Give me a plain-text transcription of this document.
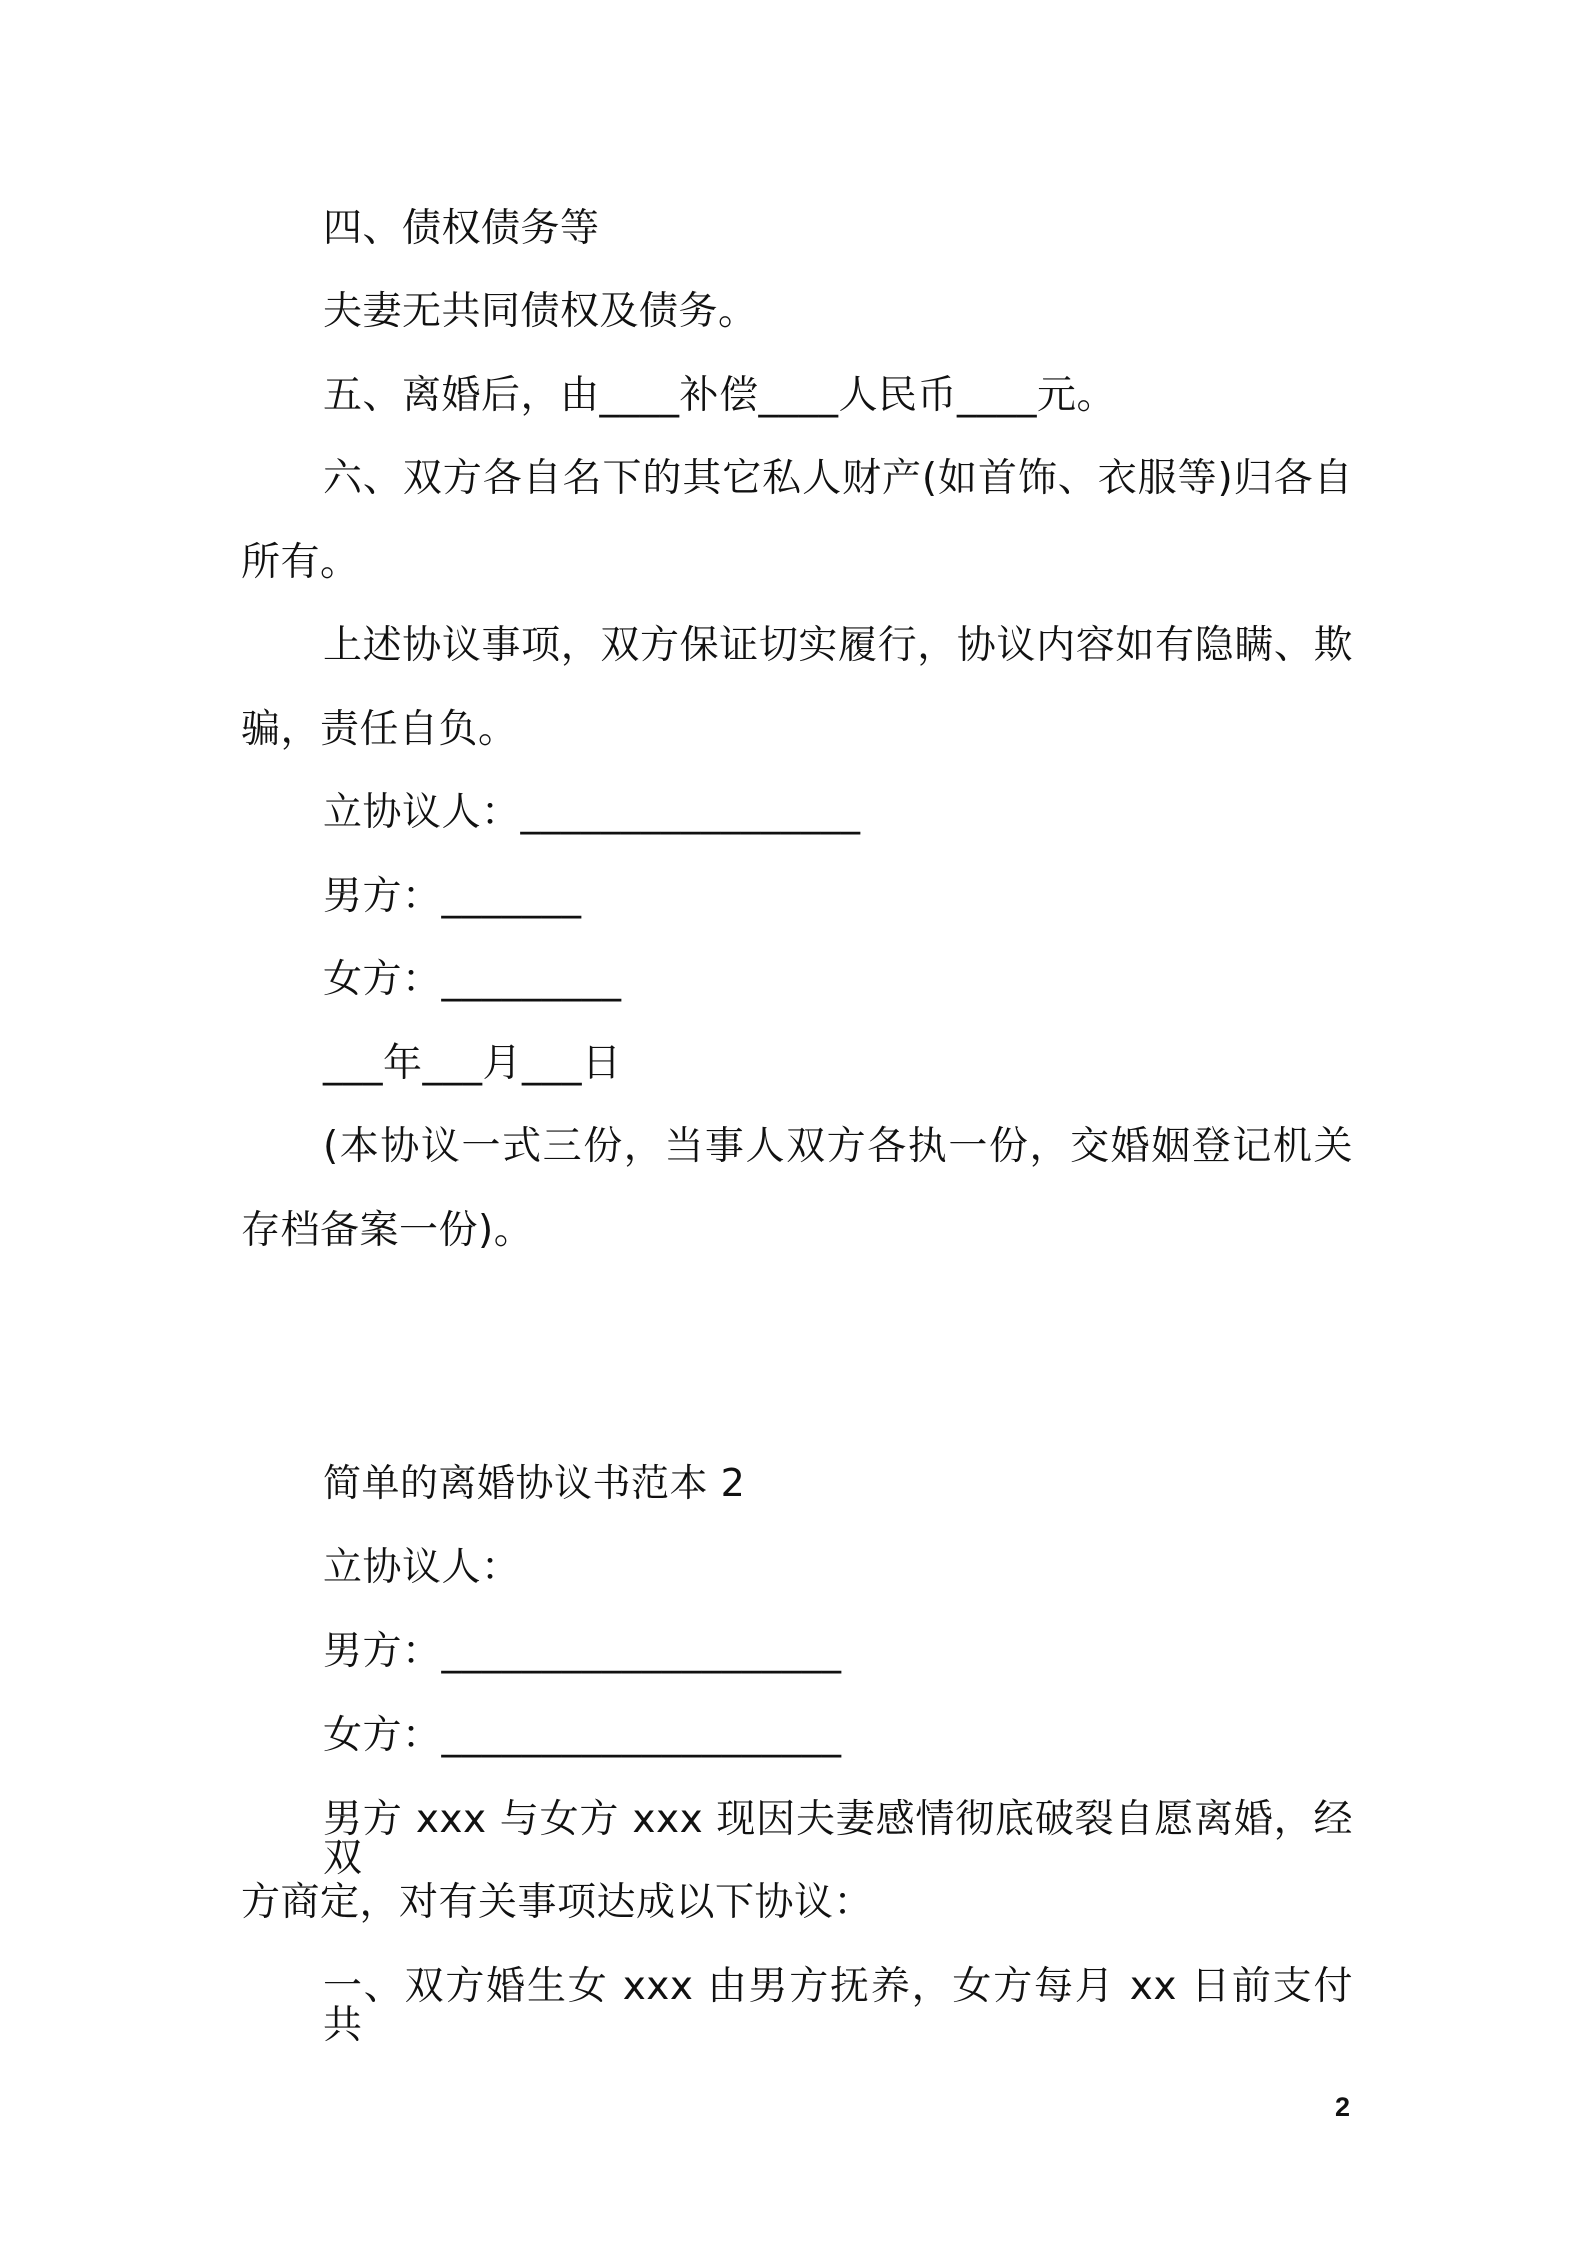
四、债权债务等
夫妻无共同债权及债务。
五、离婚后，由____补偿____人民币____元。
六、双方各自名下的其它私人财产(如首饰、衣服等)归各自
所有。
上述协议事项，双方保证切实履行，协议内容如有隐瞒、欺
骗，责任自负。
立协议人：_________________
男方：_______
女方：_________
___年___月___日
(本协议一式三份，当事人双方各执一份，交婚姻登记机关
存档备案一份)。
简单的离婚协议书范本 2
立协议人：
男方：____________________
女方：____________________
男方 xxx 与女方 xxx 现因夫妻感情彻底破裂自愿离婚，经双
方商定，对有关事项达成以下协议：
一、双方婚生女 xxx 由男方抚养，女方每月 xx 日前支付共
2
